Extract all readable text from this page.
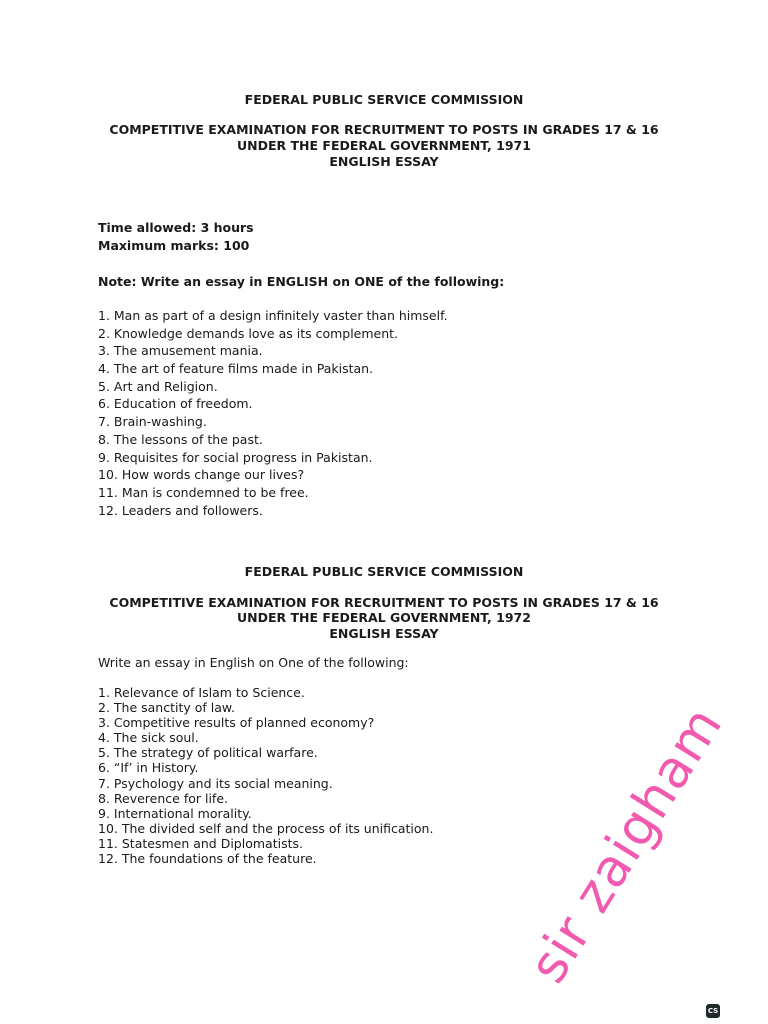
FEDERAL PUBLIC SERVICE COMMISSION
COMPETITIVE EXAMINATION FOR RECRUITMENT TO POSTS IN GRADES 17 & 16
UNDER THE FEDERAL GOVERNMENT, 1971
ENGLISH ESSAY
Time allowed: 3 hours
Maximum marks: 100
Note: Write an essay in ENGLISH on ONE of the following:
1. Man as part of a design infinitely vaster than himself.
2. Knowledge demands love as its complement.
3. The amusement mania.
4. The art of feature films made in Pakistan.
5. Art and Religion.
6. Education of freedom.
7. Brain-washing.
8. The lessons of the past.
9. Requisites for social progress in Pakistan.
10. How words change our lives?
11. Man is condemned to be free.
12. Leaders and followers.
FEDERAL PUBLIC SERVICE COMMISSION
COMPETITIVE EXAMINATION FOR RECRUITMENT TO POSTS IN GRADES 17 & 16
UNDER THE FEDERAL GOVERNMENT, 1972
ENGLISH ESSAY
Write an essay in English on One of the following:
1. Relevance of Islam to Science.
2. The sanctity of law.
3. Competitive results of planned economy?
4. The sick soul.
5. The strategy of political warfare.
6. “If’ in History.
7. Psychology and its social meaning.
8. Reverence for life.
9. International morality.
10. The divided self and the process of its unification.
11. Statesmen and Diplomatists.
12. The foundations of the feature.	sir zaigham
CS
